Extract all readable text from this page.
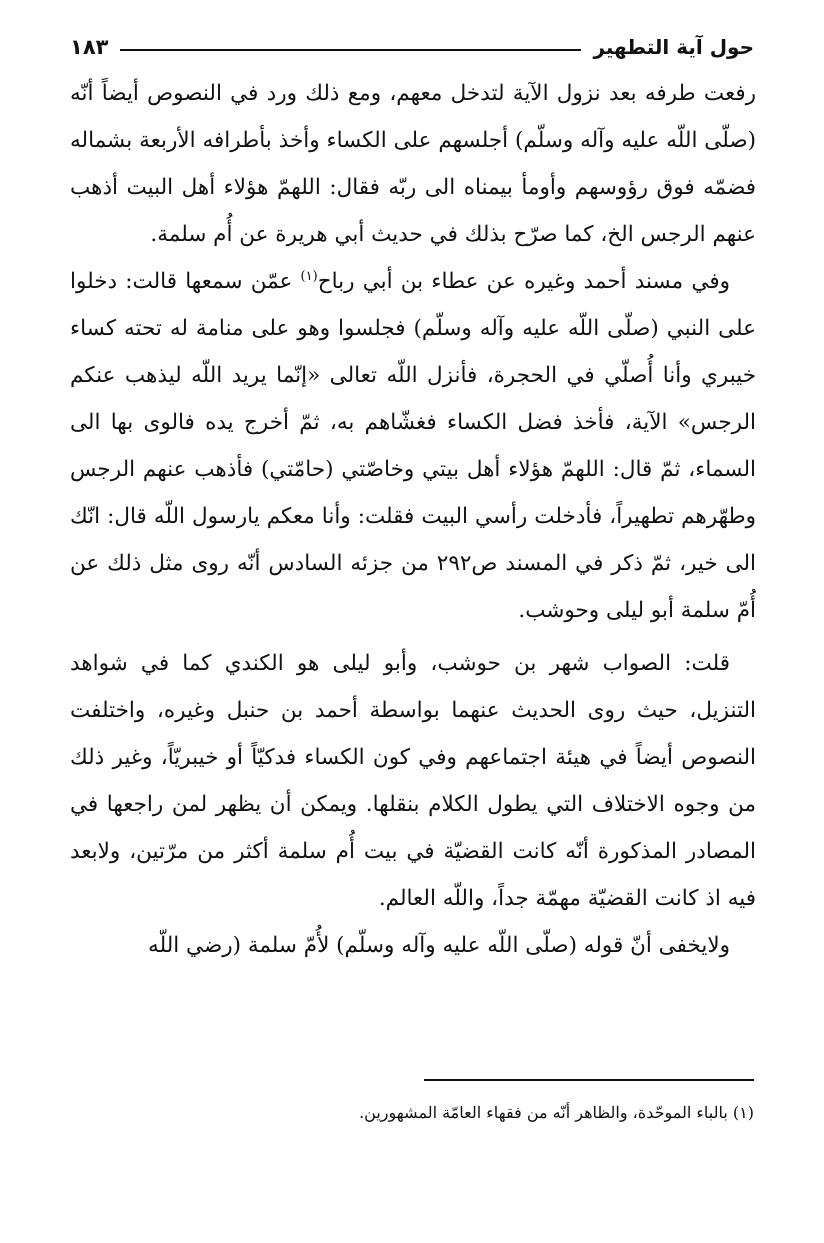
حول آية التطهير
١٨٣

رفعت طرفه بعد نزول الآية لتدخل معهم، ومع ذلك ورد في النصوص أيضاً أنّه (صلّى اللّه عليه وآله وسلّم) أجلسهم على الكساء وأخذ بأطرافه الأربعة بشماله فضمّه فوق رؤوسهم وأومأ بيمناه الى ربّه فقال: اللهمّ هؤلاء أهل البيت أذهب عنهم الرجس الخ، كما صرّح بذلك في حديث أبي هريرة عن أُم سلمة.

وفي مسند أحمد وغيره عن عطاء بن أبي رباح$^{(١)}$ عمّن سمعها قالت: دخلوا على النبي (صلّى اللّه عليه وآله وسلّم) فجلسوا وهو على منامة له تحته كساء خيبري وأنا أُصلّي في الحجرة، فأنزل اللّه تعالى «إنّما يريد اللّه ليذهب عنكم الرجس» الآية، فأخذ فضل الكساء فغشّاهم به، ثمّ أخرج يده فالوى بها الى السماء، ثمّ قال: اللهمّ هؤلاء أهل بيتي وخاصّتي (حامّتي) فأذهب عنهم الرجس وطهّرهم تطهيراً، فأدخلت رأسي البيت فقلت: وأنا معكم يارسول اللّه قال: انّك الى خير، ثمّ ذكر في المسند ص٢٩٢ من جزئه السادس أنّه روى مثل ذلك عن أُمّ سلمة أبو ليلى وحوشب.

قلت: الصواب شهر بن حوشب، وأبو ليلى هو الكندي كما في شواهد التنزيل، حيث روى الحديث عنهما بواسطة أحمد بن حنبل وغيره، واختلفت النصوص أيضاً في هيئة اجتماعهم وفي كون الكساء فدكيّاً أو خيبريّاً، وغير ذلك من وجوه الاختلاف التي يطول الكلام بنقلها. ويمكن أن يظهر لمن راجعها في المصادر المذكورة أنّه كانت القضيّة في بيت أُم سلمة أكثر من مرّتين، ولابعد فيه اذ كانت القضيّة مهمّة جداً، واللّه العالم.

ولايخفى أنّ قوله (صلّى اللّه عليه وآله وسلّم) لأُمّ سلمة (رضي اللّه

(١) بالباء الموحّدة، والظاهر أنّه من فقهاء العامّة المشهورين.
